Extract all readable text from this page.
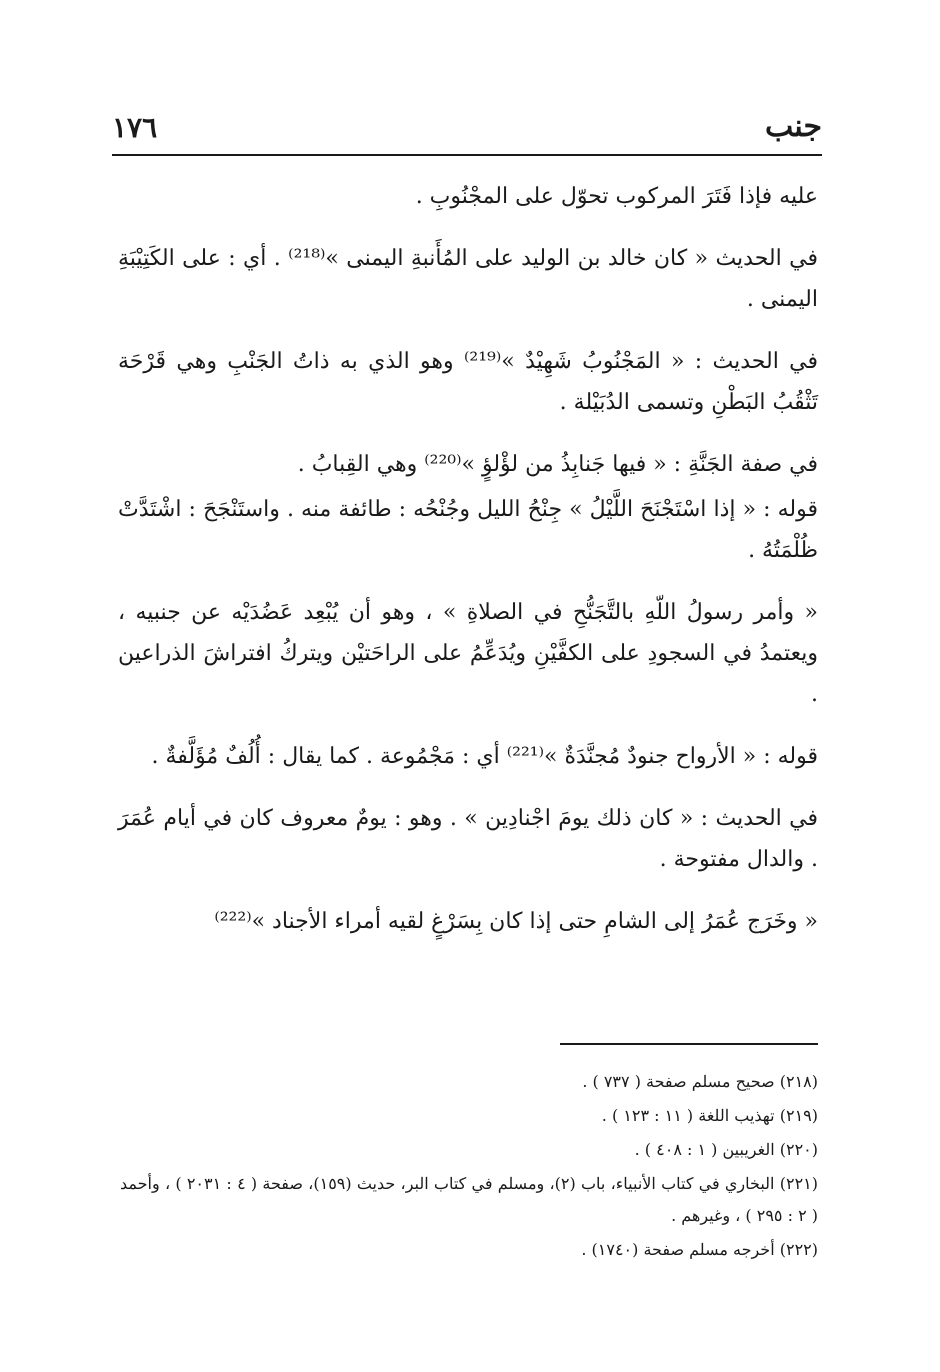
جنب
١٧٦

عليه فإذا فَتَرَ المركوب تحوّل على المجْنُوبِ .

في الحديث « كان خالد بن الوليد على المُأَنبةِ اليمنى »⁽²¹⁸⁾ . أي : على الكَتِيْبَةِ اليمنى .

في الحديث : « المَجْنُوبُ شَهِيْدٌ »⁽²¹⁹⁾ وهو الذي به ذاتُ الجَنْبِ وهي قَرْحَة تَثْقُبُ البَطْنِ وتسمى الدُبَيْلة .

في صفة الجَنَّةِ : « فيها جَنابِذُ من لؤْلؤٍ »⁽²²⁰⁾ وهي القِبابُ .

قوله : « إذا اسْتَجْنَحَ اللَّيْلُ » جِنْحُ الليل وجُنْحُه : طائفة منه . واستَنْجَحَ : اشْتَدَّتْ ظُلْمَتُهُ .

« وأمر رسولُ اللّهِ بالتَّجَنُّحِ في الصلاةِ » ، وهو أن يُبْعِد عَضُدَيْه عن جنبيه ، ويعتمدُ في السجودِ على الكفَّيْنِ ويُدَعِّمُ على الراحَتيْن ويتركُ افتراشَ الذراعين .

قوله : « الأرواح جنودٌ مُجنَّدَةٌ »⁽²²¹⁾ أي : مَجْمُوعة . كما يقال : أُلُفٌ مُؤَلَّفةٌ .

في الحديث : « كان ذلك يومَ اجْنادِين » . وهو : يومٌ معروف كان في أيام عُمَرَ . والدال مفتوحة .

« وخَرَج عُمَرُ إلى الشامِ حتى إذا كان بِسَرْغٍ لقيه أمراء الأجناد »⁽²²²⁾

(٢١٨) صحيح مسلم صفحة ( ٧٣٧ ) .

(٢١٩) تهذيب اللغة ( ١١ : ١٢٣ ) .

(٢٢٠) الغريبين ( ١ : ٤٠٨ ) .

(٢٢١) البخاري في كتاب الأنبياء، باب (٢)، ومسلم في كتاب البر، حديث (١٥٩)، صفحة ( ٤ : ٢٠٣١ ) ، وأحمد ( ٢ : ٢٩٥ ) ، وغيرهم .

(٢٢٢) أخرجه مسلم صفحة (١٧٤٠) .
